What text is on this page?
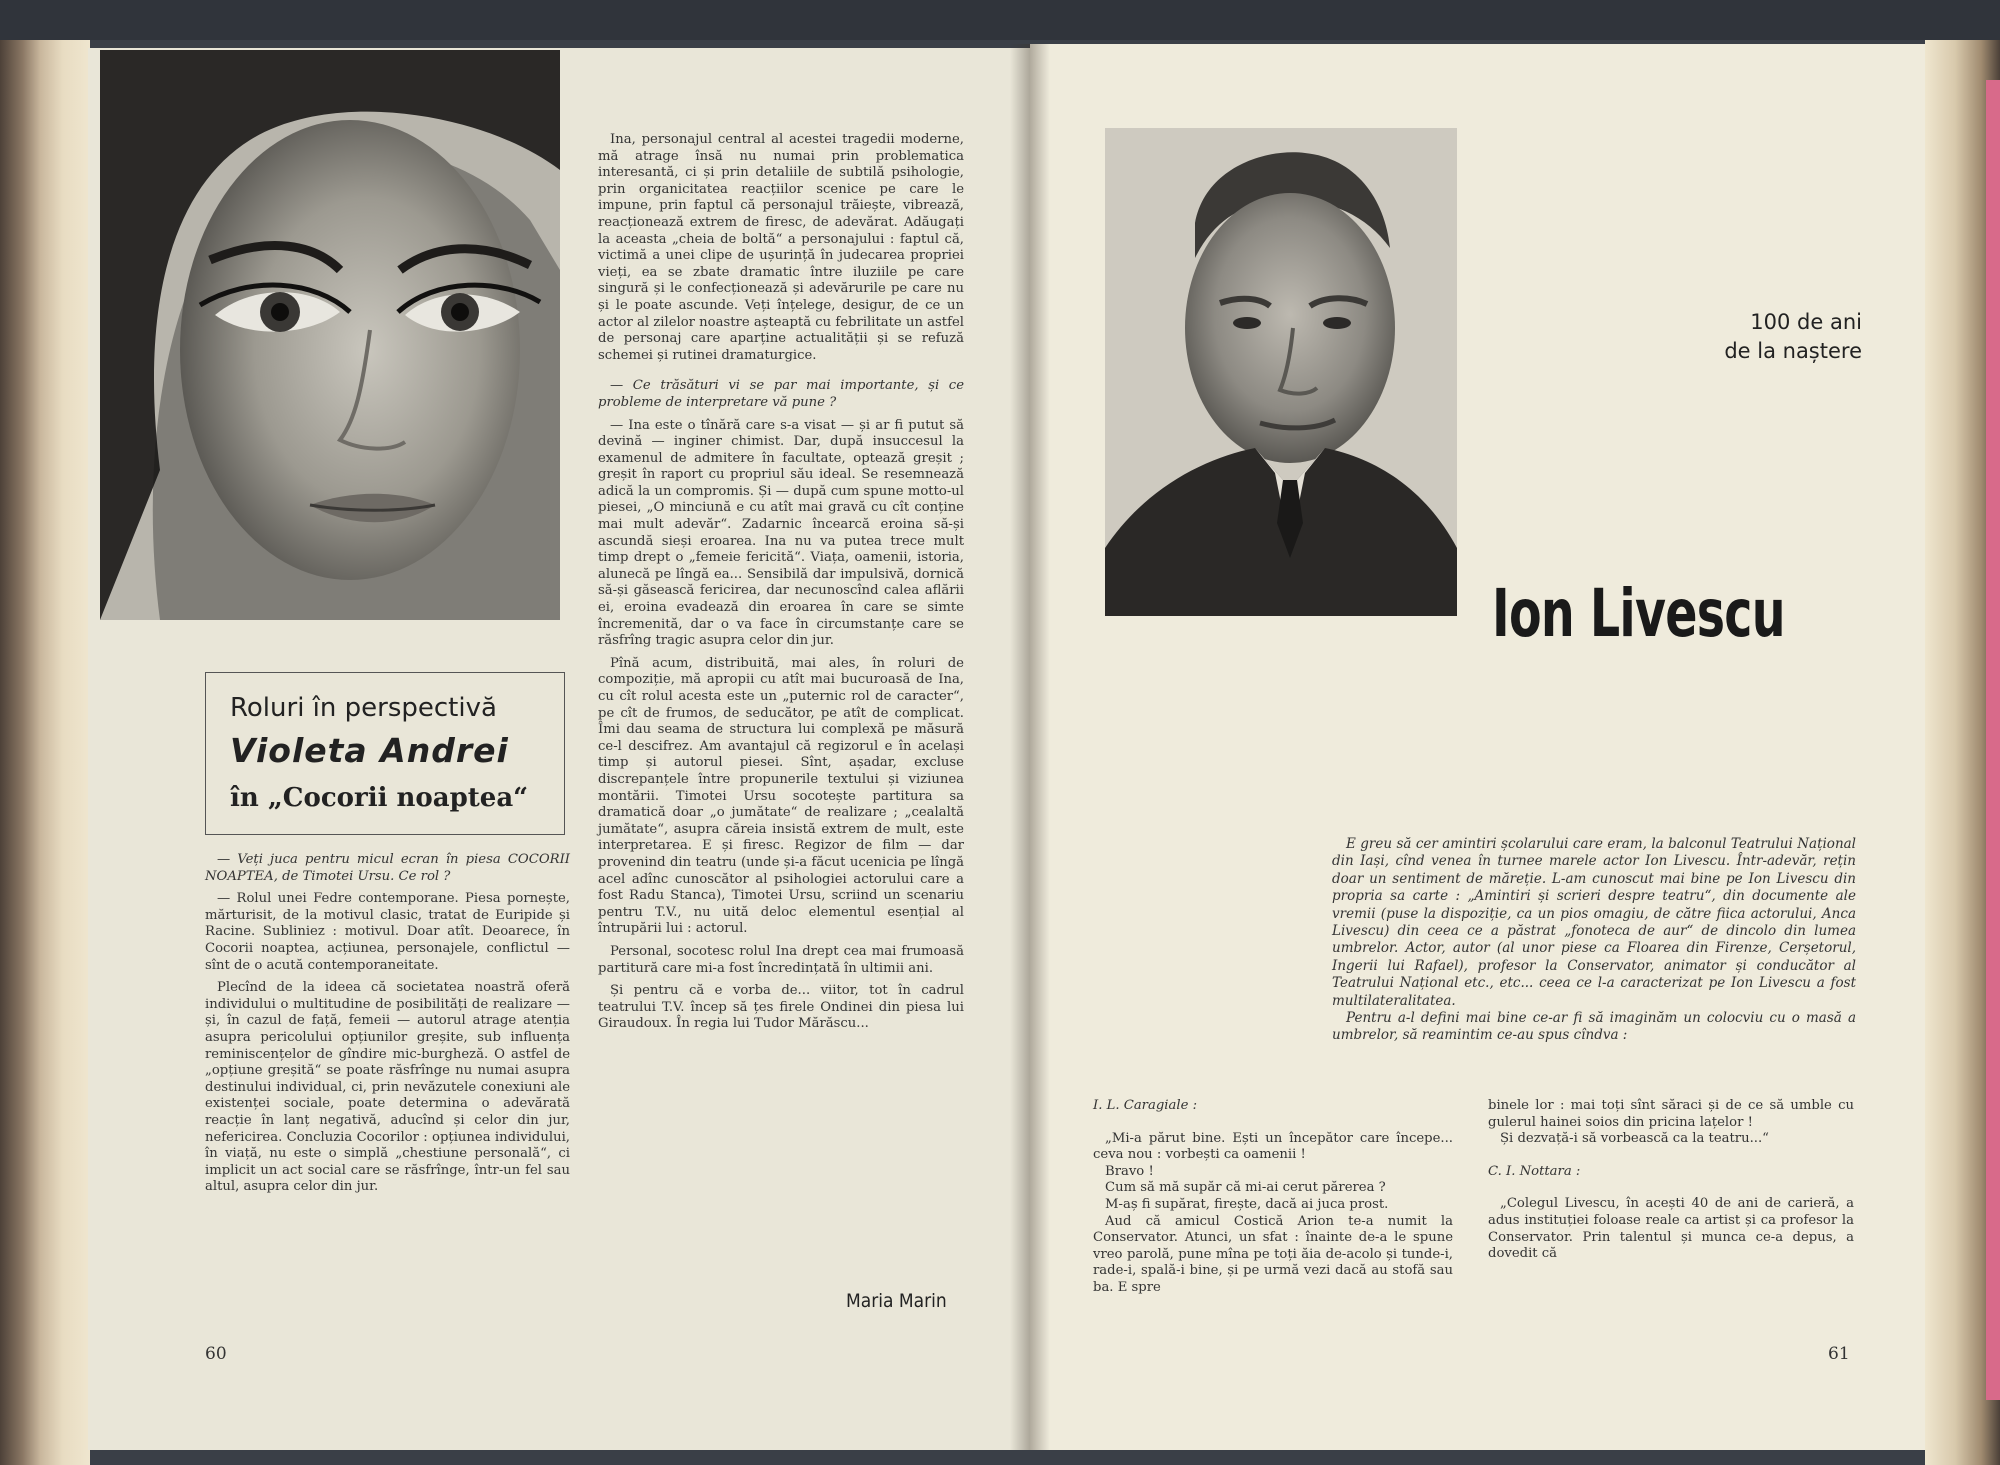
Roluri în perspectivă
Violeta Andrei
în „Cocorii noaptea“

— Veți juca pentru micul ecran în piesa COCORII NOAPTEA, de Timotei Ursu. Ce rol ?

— Rolul unei Fedre contemporane. Piesa pornește, mărturisit, de la motivul clasic, tratat de Euripide și Racine. Subliniez : motivul. Doar atît. Deoarece, în Cocorii noaptea, acțiunea, personajele, conflictul — sînt de o acută contemporaneitate.

Plecînd de la ideea că societatea noastră oferă individului o multitudine de posibilități de realizare — și, în cazul de față, femeii — autorul atrage atenția asupra pericolului opțiunilor greșite, sub influența reminiscențelor de gîndire mic-burgheză. O astfel de „opțiune greșită“ se poate răsfrînge nu numai asupra destinului individual, ci, prin nevăzutele conexiuni ale existenței sociale, poate determina o adevărată reacție în lanț negativă, aducînd și celor din jur, nefericirea. Concluzia Cocorilor : opțiunea individului, în viață, nu este o simplă „chestiune personală“, ci implicit un act social care se răsfrînge, într-un fel sau altul, asupra celor din jur.

Ina, personajul central al acestei tragedii moderne, mă atrage însă nu numai prin problematica interesantă, ci și prin detaliile de subtilă psihologie, prin organicitatea reacțiilor scenice pe care le impune, prin faptul că personajul trăiește, vibrează, reacționează extrem de firesc, de adevărat. Adăugați la aceasta „cheia de boltă“ a personajului : faptul că, victimă a unei clipe de ușurință în judecarea propriei vieți, ea se zbate dramatic între iluziile pe care singură și le confecționează și adevărurile pe care nu și le poate ascunde. Veți înțelege, desigur, de ce un actor al zilelor noastre așteaptă cu febrilitate un astfel de personaj care aparține actualității și se refuză schemei și rutinei dramaturgice.

— Ce trăsături vi se par mai importante, și ce probleme de interpretare vă pune ?

— Ina este o tînără care s-a visat — și ar fi putut să devină — inginer chimist. Dar, după insuccesul la examenul de admitere în facultate, optează greșit ; greșit în raport cu propriul său ideal. Se resemnează adică la un compromis. Și — după cum spune motto-ul piesei, „O minciună e cu atît mai gravă cu cît conține mai mult adevăr“. Zadarnic încearcă eroina să-și ascundă sieși eroarea. Ina nu va putea trece mult timp drept o „femeie fericită“. Viața, oamenii, istoria, alunecă pe lîngă ea... Sensibilă dar impulsivă, dornică să-și găsească fericirea, dar necunoscînd calea aflării ei, eroina evadează din eroarea în care se simte încremenită, dar o va face în circumstanțe care se răsfrîng tragic asupra celor din jur.

Pînă acum, distribuită, mai ales, în roluri de compoziție, mă apropii cu atît mai bucuroasă de Ina, cu cît rolul acesta este un „puternic rol de caracter“, pe cît de frumos, de seducător, pe atît de complicat. Îmi dau seama de structura lui complexă pe măsură ce-l descifrez. Am avantajul că regizorul e în același timp și autorul piesei. Sînt, așadar, excluse discrepanțele între propunerile textului și viziunea montării. Timotei Ursu socotește partitura sa dramatică doar „o jumătate“ de realizare ; „cealaltă jumătate“, asupra căreia insistă extrem de mult, este interpretarea. E și firesc. Regizor de film — dar provenind din teatru (unde și-a făcut ucenicia pe lîngă acel adînc cunoscător al psihologiei actorului care a fost Radu Stanca), Timotei Ursu, scriind un scenariu pentru T.V., nu uită deloc elementul esențial al întrupării lui : actorul.

Personal, socotesc rolul Ina drept cea mai frumoasă partitură care mi-a fost încredințată în ultimii ani.

Și pentru că e vorba de... viitor, tot în cadrul teatrului T.V. încep să țes firele Ondinei din piesa lui Giraudoux. În regia lui Tudor Mărăscu...

Maria Marin
60
100 de ani
de la naștere
Ion Livescu

E greu să cer amintiri școlarului care eram, la balconul Teatrului Național din Iași, cînd venea în turnee marele actor Ion Livescu. Într-adevăr, rețin doar un sentiment de măreție. L-am cunoscut mai bine pe Ion Livescu din propria sa carte : „Amintiri și scrieri despre teatru“, din documente ale vremii (puse la dispoziție, ca un pios omagiu, de către fiica actorului, Anca Livescu) din ceea ce a păstrat „fonoteca de aur“ de dincolo din lumea umbrelor. Actor, autor (al unor piese ca Floarea din Firenze, Cerșetorul, Ingerii lui Rafael), profesor la Conservator, animator și conducător al Teatrului Național etc., etc... ceea ce l-a caracterizat pe Ion Livescu a fost multilateralitatea.

Pentru a-l defini mai bine ce-ar fi să imaginăm un colocviu cu o masă a umbrelor, să reamintim ce-au spus cîndva :

I. L. Caragiale :

„Mi-a părut bine. Ești un începător care începe... ceva nou : vorbești ca oamenii !

Bravo !

Cum să mă supăr că mi-ai cerut părerea ?

M-aș fi supărat, firește, dacă ai juca prost.

Aud că amicul Costică Arion te-a numit la Conservator. Atunci, un sfat : înainte de-a le spune vreo parolă, pune mîna pe toți ăia de-acolo și tunde-i, rade-i, spală-i bine, și pe urmă vezi dacă au stofă sau ba. E spre

binele lor : mai toți sînt săraci și de ce să umble cu gulerul hainei soios din pricina lațelor !

Și dezvață-i să vorbească ca la teatru...“

C. I. Nottara :

„Colegul Livescu, în acești 40 de ani de carieră, a adus instituției foloase reale ca artist și ca profesor la Conservator. Prin talentul și munca ce-a depus, a dovedit că

61
